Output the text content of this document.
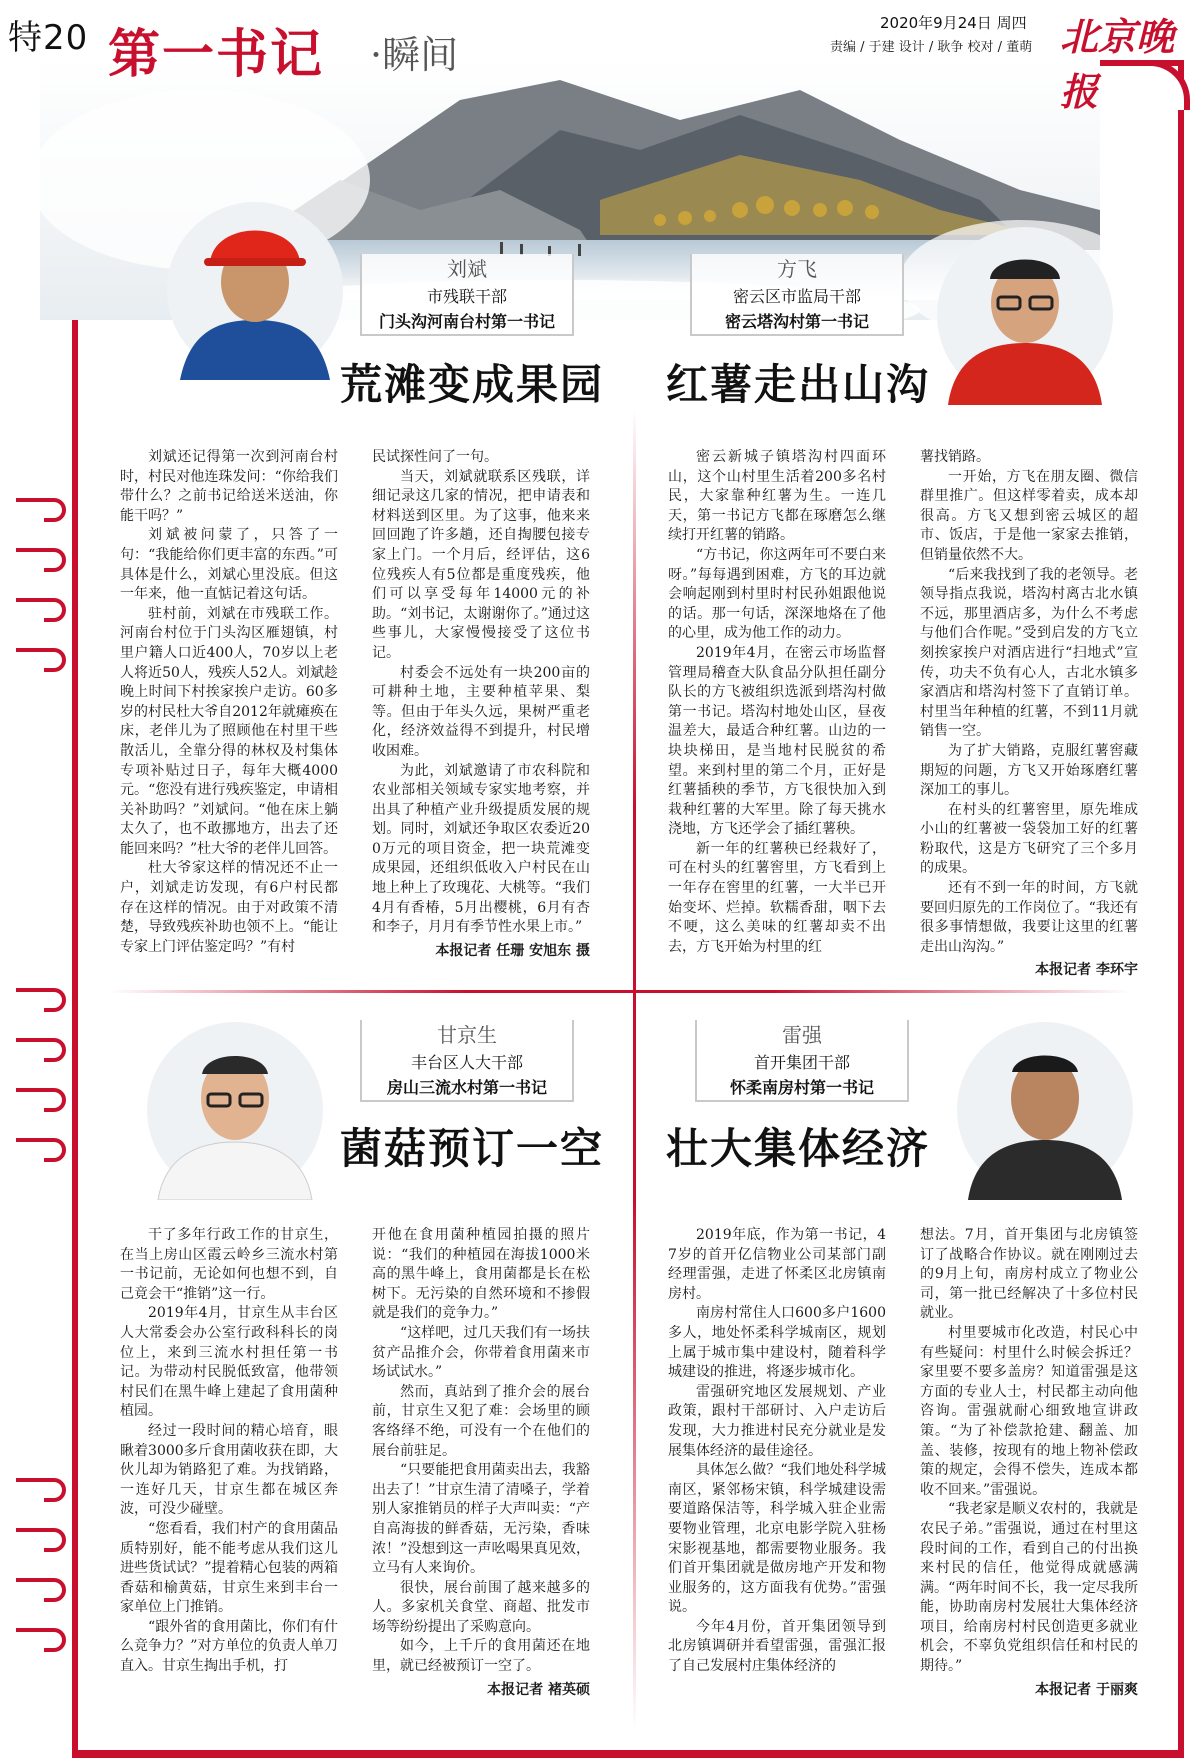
特20 第一书记 ·瞬间
2020年9月24日 周四
责编 / 于建 设计 / 耿争 校对 / 董萌 北京晚报
刘斌
市残联干部
门头沟河南台村第一书记
荒滩变成果园

刘斌还记得第一次到河南台村时，村民对他连珠发问：“你给我们带什么？之前书记给送米送油，你能干吗？”

刘斌被问蒙了，只答了一句：“我能给你们更丰富的东西。”可具体是什么，刘斌心里没底。但这一年来，他一直惦记着这句话。

驻村前，刘斌在市残联工作。河南台村位于门头沟区雁翅镇，村里户籍人口近400人，70岁以上老人将近50人，残疾人52人。刘斌趁晚上时间下村挨家挨户走访。60多岁的村民杜大爷自2012年就瘫痪在床，老伴儿为了照顾他在村里干些散活儿，全靠分得的林权及村集体专项补贴过日子，每年大概4000元。“您没有进行残疾鉴定，申请相关补助吗？”刘斌问。“他在床上躺太久了，也不敢挪地方，出去了还能回来吗？”杜大爷的老伴儿回答。

杜大爷家这样的情况还不止一户，刘斌走访发现，有6户村民都存在这样的情况。由于对政策不清楚，导致残疾补助也领不上。“能让专家上门评估鉴定吗？”有村

民试探性问了一句。

当天，刘斌就联系区残联，详细记录这几家的情况，把申请表和材料送到区里。为了这事，他来来回回跑了许多趟，还自掏腰包接专家上门。一个月后，经评估，这6位残疾人有5位都是重度残疾，他们可以享受每年14000元的补助。“刘书记，太谢谢你了。”通过这些事儿，大家慢慢接受了这位书记。

村委会不远处有一块200亩的可耕种土地，主要种植苹果、梨等。但由于年头久远，果树严重老化，经济效益得不到提升，村民增收困难。

为此，刘斌邀请了市农科院和农业部相关领域专家实地考察，并出具了种植产业升级提质发展的规划。同时，刘斌还争取区农委近200万元的项目资金，把一块荒滩变成果园，还组织低收入户村民在山地上种上了玫瑰花、大桃等。“我们4月有香椿，5月出樱桃，6月有杏和李子，月月有季节性水果上市。”

本报记者 任珊 安旭东 摄
方飞
密云区市监局干部
密云塔沟村第一书记
红薯走出山沟

密云新城子镇塔沟村四面环山，这个山村里生活着200多名村民，大家靠种红薯为生。一连几天，第一书记方飞都在琢磨怎么继续打开红薯的销路。

“方书记，你这两年可不要白来呀。”每每遇到困难，方飞的耳边就会响起刚到村里时村民孙姐跟他说的话。那一句话，深深地烙在了他的心里，成为他工作的动力。

2019年4月，在密云市场监督管理局稽查大队食品分队担任副分队长的方飞被组织选派到塔沟村做第一书记。塔沟村地处山区，昼夜温差大，最适合种红薯。山边的一块块梯田，是当地村民脱贫的希望。来到村里的第二个月，正好是红薯插秧的季节，方飞很快加入到栽种红薯的大军里。除了每天挑水浇地，方飞还学会了插红薯秧。

新一年的红薯秧已经栽好了，可在村头的红薯窖里，方飞看到上一年存在窖里的红薯，一大半已开始变坏、烂掉。软糯香甜，咽下去不哽，这么美味的红薯却卖不出去，方飞开始为村里的红

薯找销路。

一开始，方飞在朋友圈、微信群里推广。但这样零着卖，成本却很高。方飞又想到密云城区的超市、饭店，于是他一家家去推销，但销量依然不大。

“后来我找到了我的老领导。老领导指点我说，塔沟村离古北水镇不远，那里酒店多，为什么不考虑与他们合作呢。”受到启发的方飞立刻挨家挨户对酒店进行“扫地式”宣传，功夫不负有心人，古北水镇多家酒店和塔沟村签下了直销订单。村里当年种植的红薯，不到11月就销售一空。

为了扩大销路，克服红薯窖藏期短的问题，方飞又开始琢磨红薯深加工的事儿。

在村头的红薯窖里，原先堆成小山的红薯被一袋袋加工好的红薯粉取代，这是方飞研究了三个多月的成果。

还有不到一年的时间，方飞就要回归原先的工作岗位了。“我还有很多事情想做，我要让这里的红薯走出山沟沟。”

本报记者 李环宇
甘京生
丰台区人大干部
房山三流水村第一书记
菌菇预订一空

干了多年行政工作的甘京生，在当上房山区霞云岭乡三流水村第一书记前，无论如何也想不到，自己竟会干“推销”这一行。

2019年4月，甘京生从丰台区人大常委会办公室行政科科长的岗位上，来到三流水村担任第一书记。为带动村民脱低致富，他带领村民们在黑牛峰上建起了食用菌种植园。

经过一段时间的精心培育，眼瞅着3000多斤食用菌收获在即，大伙儿却为销路犯了难。为找销路，一连好几天，甘京生都在城区奔波，可没少碰壁。

“您看看，我们村产的食用菌品质特别好，能不能考虑从我们这儿进些货试试？”提着精心包装的两箱香菇和榆黄菇，甘京生来到丰台一家单位上门推销。

“跟外省的食用菌比，你们有什么竞争力？”对方单位的负责人单刀直入。甘京生掏出手机，打

开他在食用菌种植园拍摄的照片说：“我们的种植园在海拔1000米高的黑牛峰上，食用菌都是长在松树下。无污染的自然环境和不掺假就是我们的竞争力。”

“这样吧，过几天我们有一场扶贫产品推介会，你带着食用菌来市场试试水。”

然而，真站到了推介会的展台前，甘京生又犯了难：会场里的顾客络绎不绝，可没有一个在他们的展台前驻足。

“只要能把食用菌卖出去，我豁出去了！”甘京生清了清嗓子，学着别人家推销员的样子大声叫卖：“产自高海拔的鲜香菇，无污染，香味浓！”没想到这一声吆喝果真见效，立马有人来询价。

很快，展台前围了越来越多的人。多家机关食堂、商超、批发市场等纷纷提出了采购意向。

如今，上千斤的食用菌还在地里，就已经被预订一空了。

本报记者 褚英硕
雷强
首开集团干部
怀柔南房村第一书记
壮大集体经济

2019年底，作为第一书记，47岁的首开亿信物业公司某部门副经理雷强，走进了怀柔区北房镇南房村。

南房村常住人口600多户1600多人，地处怀柔科学城南区，规划上属于城市集中建设村，随着科学城建设的推进，将逐步城市化。

雷强研究地区发展规划、产业政策，跟村干部研讨、入户走访后发现，大力推进村民充分就业是发展集体经济的最佳途径。

具体怎么做？“我们地处科学城南区，紧邻杨宋镇，科学城建设需要道路保洁等，科学城入驻企业需要物业管理，北京电影学院入驻杨宋影视基地，都需要物业服务。我们首开集团就是做房地产开发和物业服务的，这方面我有优势。”雷强说。

今年4月份，首开集团领导到北房镇调研并看望雷强，雷强汇报了自己发展村庄集体经济的

想法。7月，首开集团与北房镇签订了战略合作协议。就在刚刚过去的9月上旬，南房村成立了物业公司，第一批已经解决了十多位村民就业。

村里要城市化改造，村民心中有些疑问：村里什么时候会拆迁？家里要不要多盖房？知道雷强是这方面的专业人士，村民都主动向他咨询。雷强就耐心细致地宣讲政策。“为了补偿款抢建、翻盖、加盖、装修，按现有的地上物补偿政策的规定，会得不偿失，连成本都收不回来。”雷强说。

“我老家是顺义农村的，我就是农民子弟。”雷强说，通过在村里这段时间的工作，看到自己的付出换来村民的信任，他觉得成就感满满。“两年时间不长，我一定尽我所能，协助南房村发展壮大集体经济项目，给南房村村民创造更多就业机会，不辜负党组织信任和村民的期待。”

本报记者 于丽爽
